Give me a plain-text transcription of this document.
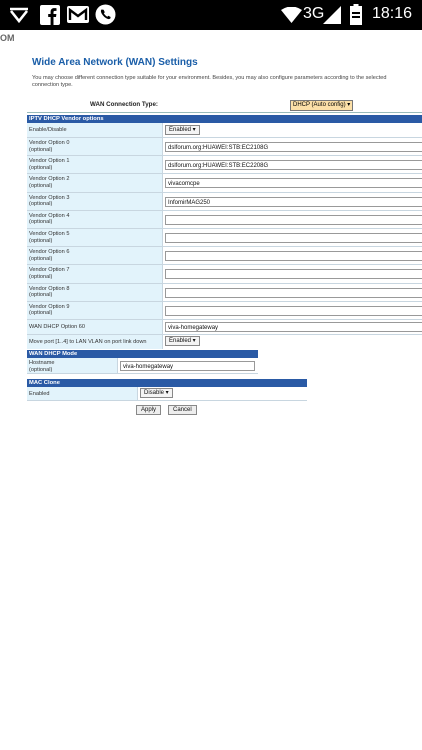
3G	18:16
OM
Wide Area Network (WAN) Settings
You may choose different connection type suitable for your environment. Besides, you may also configure parameters according to the selected
connection type.
WAN Connection Type:	DHCP (Auto config) ▾
IPTV DHCP Vendor options
Enable/Disable	Enabled ▾
Vendor Option 0
(optional)	dslforum.org:HUAWEI:STB:EC2108G
Vendor Option 1
(optional)	dslforum.org:HUAWEI:STB:EC2208G
Vendor Option 2
(optional)	vivacomcpe
Vendor Option 3
(optional)	InfomirMAG250
Vendor Option 4
(optional)
Vendor Option 5
(optional)
Vendor Option 6
(optional)
Vendor Option 7
(optional)
Vendor Option 8
(optional)
Vendor Option 9
(optional)
WAN DHCP Option 60	viva-homegateway
Move port [1..4] to LAN VLAN on port link down	Enabled ▾
WAN DHCP Mode
Hostname
(optional)	viva-homegateway
MAC Clone
Enabled	Disable ▾
Apply	Cancel
